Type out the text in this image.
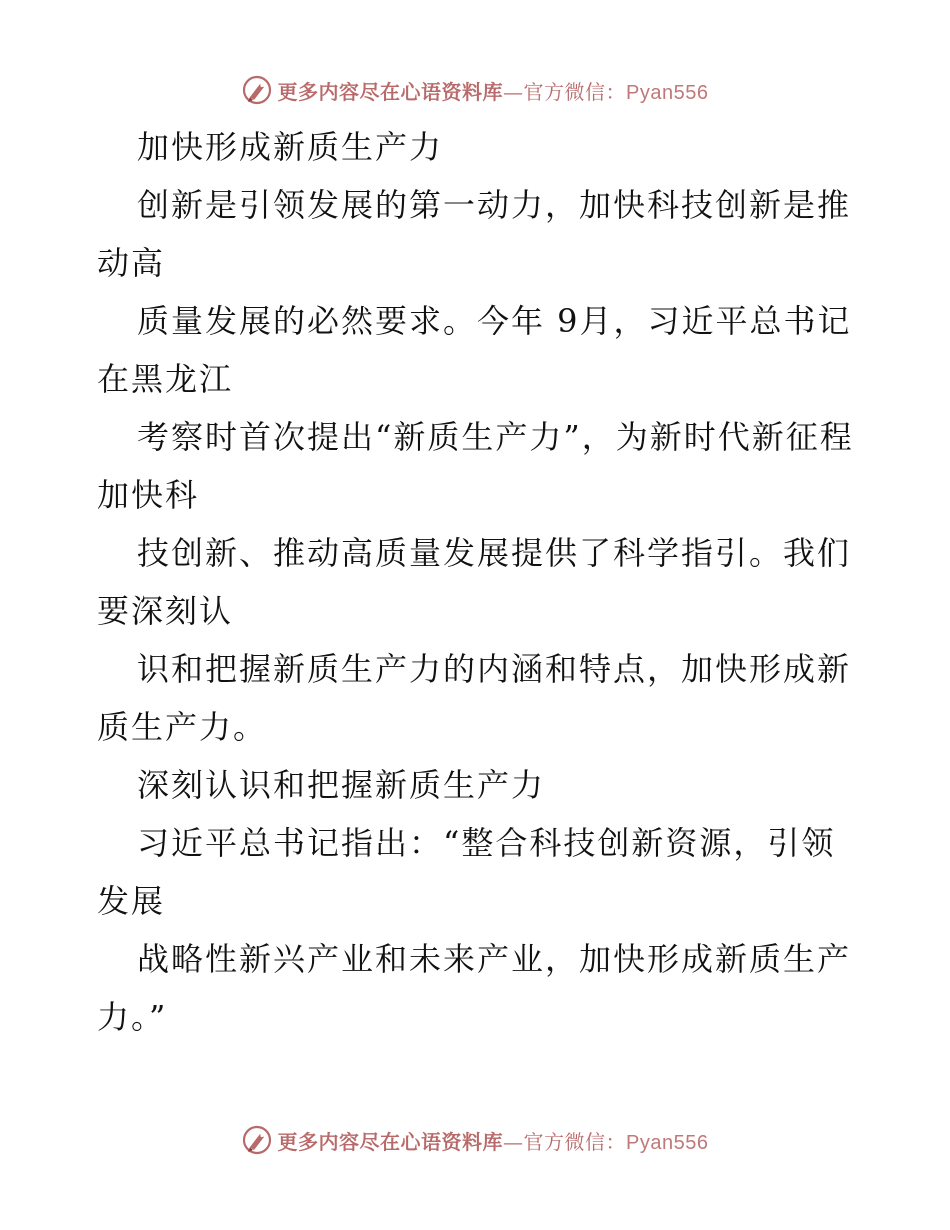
更多内容尽在心语资料库—官方微信：Pyan556

加快形成新质生产力

创新是引领发展的第一动力，加快科技创新是推动高

质量发展的必然要求。今年 9月，习近平总书记在黑龙江

考察时首次提出“新质生产力”，为新时代新征程加快科

技创新、推动高质量发展提供了科学指引。我们要深刻认

识和把握新质生产力的内涵和特点，加快形成新质生产力。

深刻认识和把握新质生产力

习近平总书记指出：“整合科技创新资源，引领发展

战略性新兴产业和未来产业，加快形成新质生产力。”

更多内容尽在心语资料库—官方微信：Pyan556
